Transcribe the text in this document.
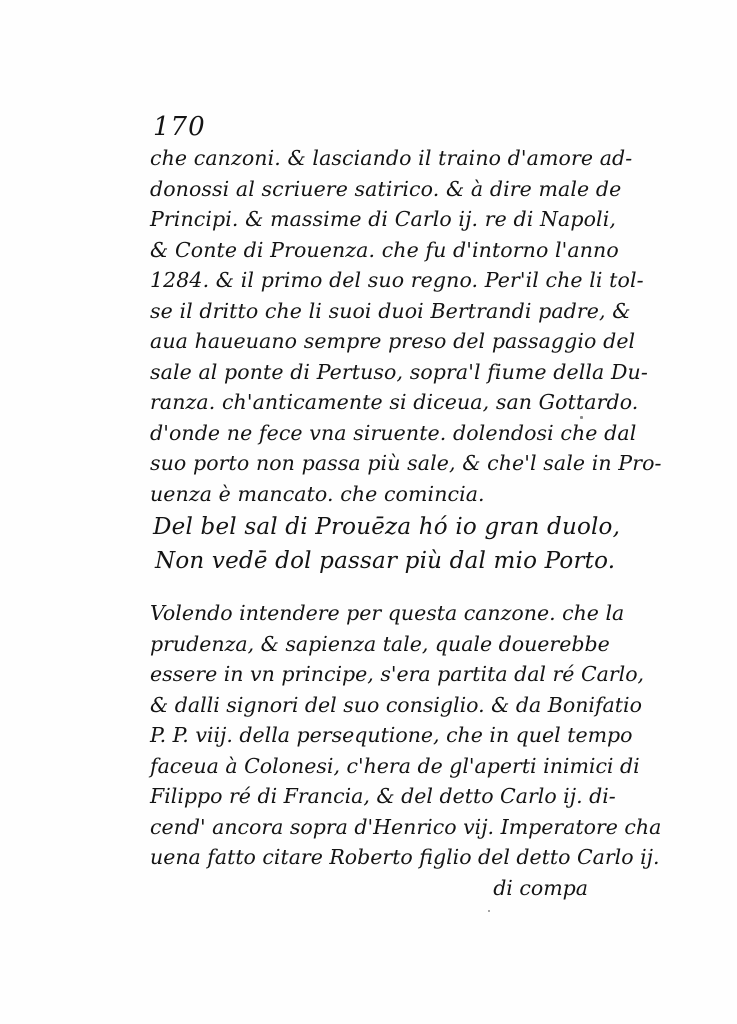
170
che canzoni. & lasciando il traino d'amore ad-
donossi al scriuere satirico. & à dire male de
Principi. & massime di Carlo ij. re di Napoli,
& Conte di Prouenza. che fu d'intorno l'anno
1284. & il primo del suo regno. Per'il che li tol-
se il dritto che li suoi duoi Bertrandi padre, &
aua haueuano sempre preso del passaggio del
sale al ponte di Pertuso, sopra'l fiume della Du-
ranza. ch'anticamente si diceua, san Gottardo.
d'onde ne fece vna siruente. dolendosi che dal
suo porto non passa più sale, & che'l sale in Pro-
uenza è mancato. che comincia.
Del bel sal di Prouēza hó io gran duolo,
Non vedē dol passar più dal mio Porto.
Volendo intendere per questa canzone. che la
prudenza, & sapienza tale, quale douerebbe
essere in vn principe, s'era partita dal ré Carlo,
& dalli signori del suo consiglio. & da Bonifatio
P. P. viij. della persequtione, che in quel tempo
faceua à Colonesi, c'hera de gl'aperti inimici di
Filippo ré di Francia, & del detto Carlo ij. di-
cend' ancora sopra d'Henrico vij. Imperatore cha
uena fatto citare Roberto figlio del detto Carlo ij.
di compa
